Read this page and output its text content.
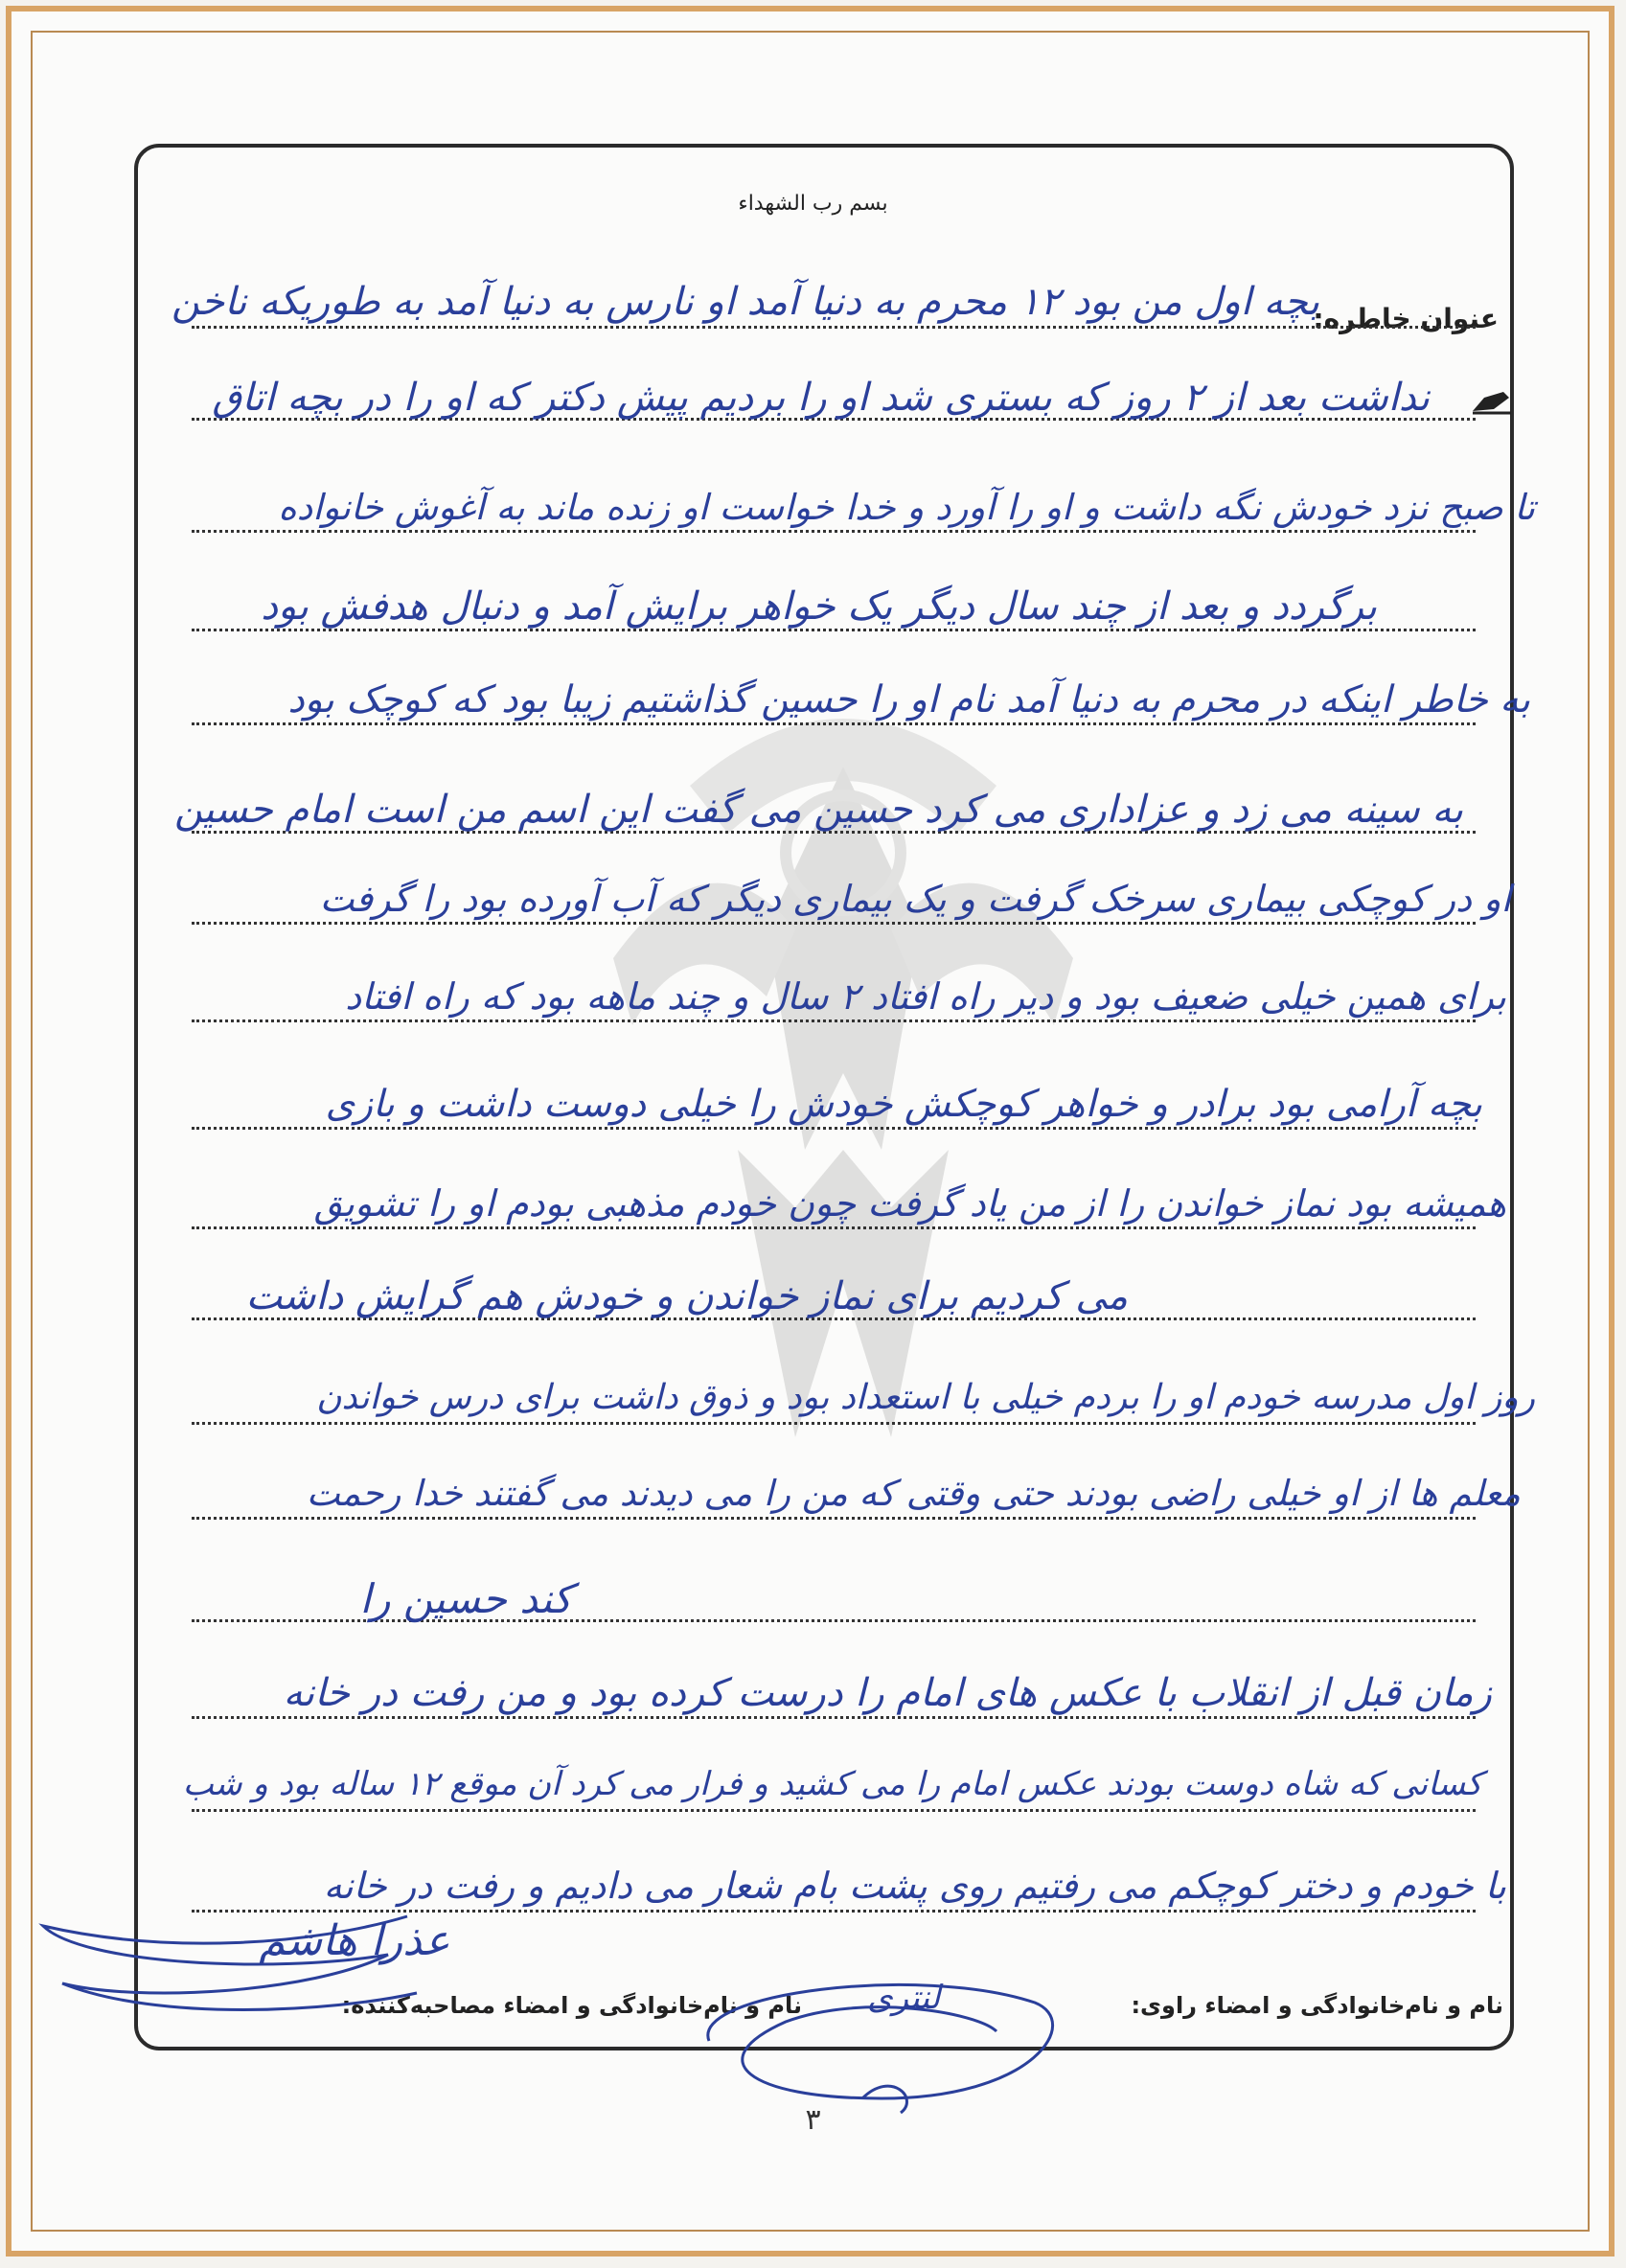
بسم رب الشهداء
عنوان خاطره:
بچه اول من بود ۱۲ محرم به دنیا آمد او نارس به دنیا آمد به طوریکه ناخن
نداشت بعد از ۲ روز که بستری شد او را بردیم پیش دکتر که او را در بچه اتاق
تا صبح نزد خودش نگه داشت و او را آورد و خدا خواست او زنده ماند به آغوش خانواده
برگردد و بعد از چند سال دیگر یک خواهر برایش آمد و دنبال هدفش بود
به خاطر اینکه در محرم به دنیا آمد نام او را حسین گذاشتیم زیبا بود که کوچک بود
به سینه می زد و عزاداری می کرد حسین می گفت این اسم من است امام حسین
او در کوچکی بیماری سرخک گرفت و یک بیماری دیگر که آب آورده بود را گرفت
برای همین خیلی ضعیف بود و دیر راه افتاد ۲ سال و چند ماهه بود که راه افتاد
بچه آرامی بود برادر و خواهر کوچکش خودش را خیلی دوست داشت و بازی
همیشه بود نماز خواندن را از من یاد گرفت چون خودم مذهبی بودم او را تشویق
می کردیم برای نماز خواندن و خودش هم گرایش داشت
روز اول مدرسه خودم او را بردم خیلی با استعداد بود و ذوق داشت برای درس خواندن
معلم ها از او خیلی راضی بودند حتی وقتی که من را می دیدند می گفتند خدا رحمت
کند حسین را
زمان قبل از انقلاب با عکس های امام را درست کرده بود و من رفت در خانه
کسانی که شاه دوست بودند عکس امام را می کشید و فرار می کرد آن موقع ۱۲ ساله بود و شب
با خودم و دختر کوچکم می رفتیم روی پشت بام شعار می دادیم و رفت در خانه
نام و نام‌خانوادگی و امضاء راوی:
نام و نام‌خانوادگی و امضاء مصاحبه‌کننده: لنتری
عذرا هاشم
۳
